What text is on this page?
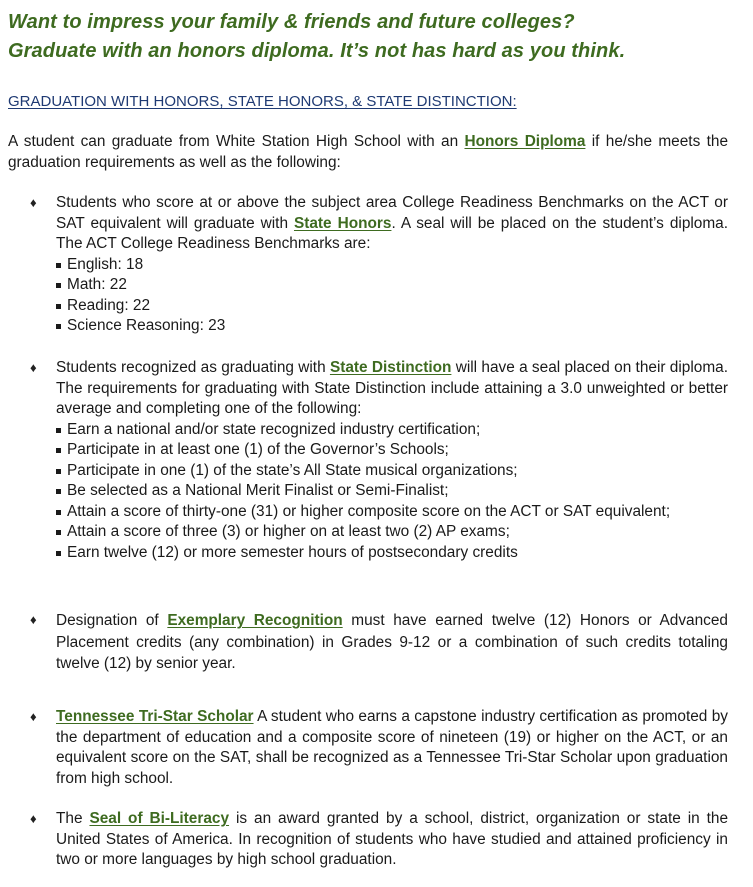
Want to impress your family & friends and future colleges?
Graduate with an honors diploma. It’s not has hard as you think.
GRADUATION WITH HONORS, STATE HONORS, & STATE DISTINCTION:
A student can graduate from White Station High School with an Honors Diploma if he/she meets the graduation requirements as well as the following:
♦ Students who score at or above the subject area College Readiness Benchmarks on the ACT or SAT equivalent will graduate with State Honors. A seal will be placed on the student’s diploma. The ACT College Readiness Benchmarks are:
English: 18
Math: 22
Reading: 22
Science Reasoning: 23
♦ Students recognized as graduating with State Distinction will have a seal placed on their diploma. The requirements for graduating with State Distinction include attaining a 3.0 unweighted or better average and completing one of the following:
Earn a national and/or state recognized industry certification;
Participate in at least one (1) of the Governor’s Schools;
Participate in one (1) of the state’s All State musical organizations;
Be selected as a National Merit Finalist or Semi-Finalist;
Attain a score of thirty-one (31) or higher composite score on the ACT or SAT equivalent;
Attain a score of three (3) or higher on at least two (2) AP exams;
Earn twelve (12) or more semester hours of postsecondary credits
♦ Designation of Exemplary Recognition must have earned twelve (12) Honors or Advanced Placement credits (any combination) in Grades 9-12 or a combination of such credits totaling twelve (12) by senior year.
♦ Tennessee Tri-Star Scholar A student who earns a capstone industry certification as promoted by the department of education and a composite score of nineteen (19) or higher on the ACT, or an equivalent score on the SAT, shall be recognized as a Tennessee Tri-Star Scholar upon graduation from high school.
♦ The Seal of Bi-Literacy is an award granted by a school, district, organization or state in the United States of America. In recognition of students who have studied and attained proficiency in two or more languages by high school graduation.
